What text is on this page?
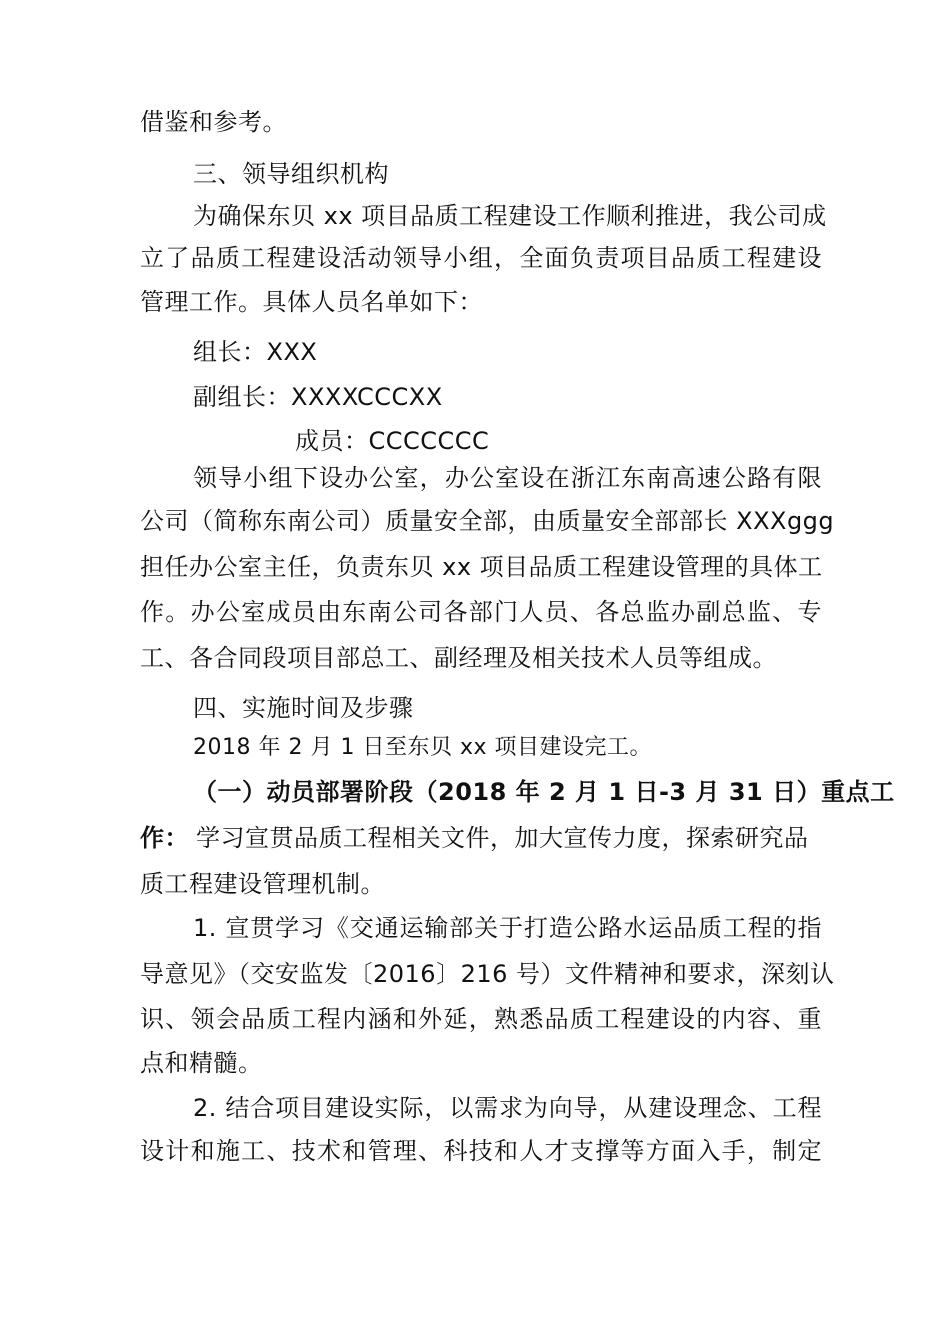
借鉴和参考。
三、领导组织机构
为确保东贝 xx 项目品质工程建设工作顺利推进，我公司成
立了品质工程建设活动领导小组，全面负责项目品质工程建设
管理工作。具体人员名单如下：
组长：XXX
副组长：XXXXCCCXX
成员：CCCCCCC
领导小组下设办公室，办公室设在浙江东南高速公路有限
公司（简称东南公司）质量安全部，由质量安全部部长 XXXggg
担任办公室主任，负责东贝 xx 项目品质工程建设管理的具体工
作。办公室成员由东南公司各部门人员、各总监办副总监、专
工、各合同段项目部总工、副经理及相关技术人员等组成。
四、实施时间及步骤
2018 年 2 月 1 日至东贝 xx 项目建设完工。
（一）动员部署阶段（2018 年 2 月 1 日-3 月 31 日）重点工
作： 学习宣贯品质工程相关文件，加大宣传力度，探索研究品
质工程建设管理机制。
1. 宣贯学习《交通运输部关于打造公路水运品质工程的指
导意见》（交安监发〔2016〕216 号）文件精神和要求，深刻认
识、领会品质工程内涵和外延，熟悉品质工程建设的内容、重
点和精髓。
2. 结合项目建设实际，以需求为向导，从建设理念、工程
设计和施工、技术和管理、科技和人才支撑等方面入手，制定
